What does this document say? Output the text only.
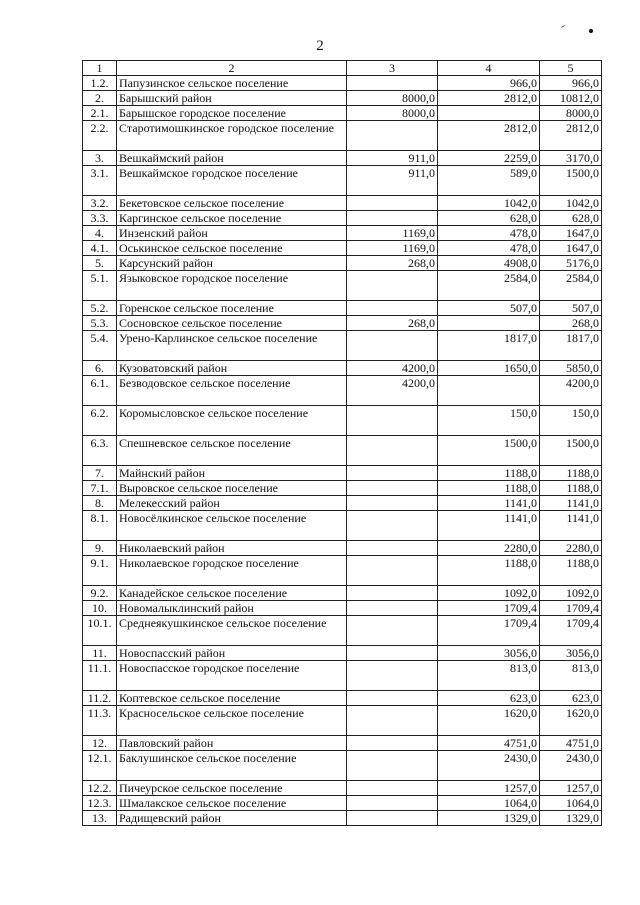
2
1	2	3	4	5
1.2.	Папузинское сельское поселение		966,0	966,0
2.	Барышский район	8000,0	2812,0	10812,0
2.1.	Барышское городское поселение	8000,0		8000,0
2.2.	Старотимошкинское городское поселение		2812,0	2812,0
3.	Вешкаймский район	911,0	2259,0	3170,0
3.1.	Вешкаймское городское поселение	911,0	589,0	1500,0
3.2.	Бекетовское сельское поселение		1042,0	1042,0
3.3.	Каргинское сельское поселение		628,0	628,0
4.	Инзенский район	1169,0	478,0	1647,0
4.1.	Оськинское сельское поселение	1169,0	478,0	1647,0
5.	Карсунский район	268,0	4908,0	5176,0
5.1.	Языковское городское поселение		2584,0	2584,0
5.2.	Горенское сельское поселение		507,0	507,0
5.3.	Сосновское сельское поселение	268,0		268,0
5.4.	Урено-Карлинское сельское поселение		1817,0	1817,0
6.	Кузоватовский район	4200,0	1650,0	5850,0
6.1.	Безводовское сельское поселение	4200,0		4200,0
6.2.	Коромысловское сельское поселение		150,0	150,0
6.3.	Спешневское сельское поселение		1500,0	1500,0
7.	Майнский район		1188,0	1188,0
7.1.	Выровское сельское поселение		1188,0	1188,0
8.	Мелекесский район		1141,0	1141,0
8.1.	Новосёлкинское сельское поселение		1141,0	1141,0
9.	Николаевский район		2280,0	2280,0
9.1.	Николаевское городское поселение		1188,0	1188,0
9.2.	Канадейское сельское поселение		1092,0	1092,0
10.	Новомалыклинский район		1709,4	1709,4
10.1.	Среднеякушкинское сельское поселение		1709,4	1709,4
11.	Новоспасский район		3056,0	3056,0
11.1.	Новоспасское городское поселение		813,0	813,0
11.2.	Коптевское сельское поселение		623,0	623,0
11.3.	Красносельское сельское поселение		1620,0	1620,0
12.	Павловский район		4751,0	4751,0
12.1.	Баклушинское сельское поселение		2430,0	2430,0
12.2.	Пичеурское сельское поселение		1257,0	1257,0
12.3.	Шмалакское сельское поселение		1064,0	1064,0
13.	Радищевский район		1329,0	1329,0
